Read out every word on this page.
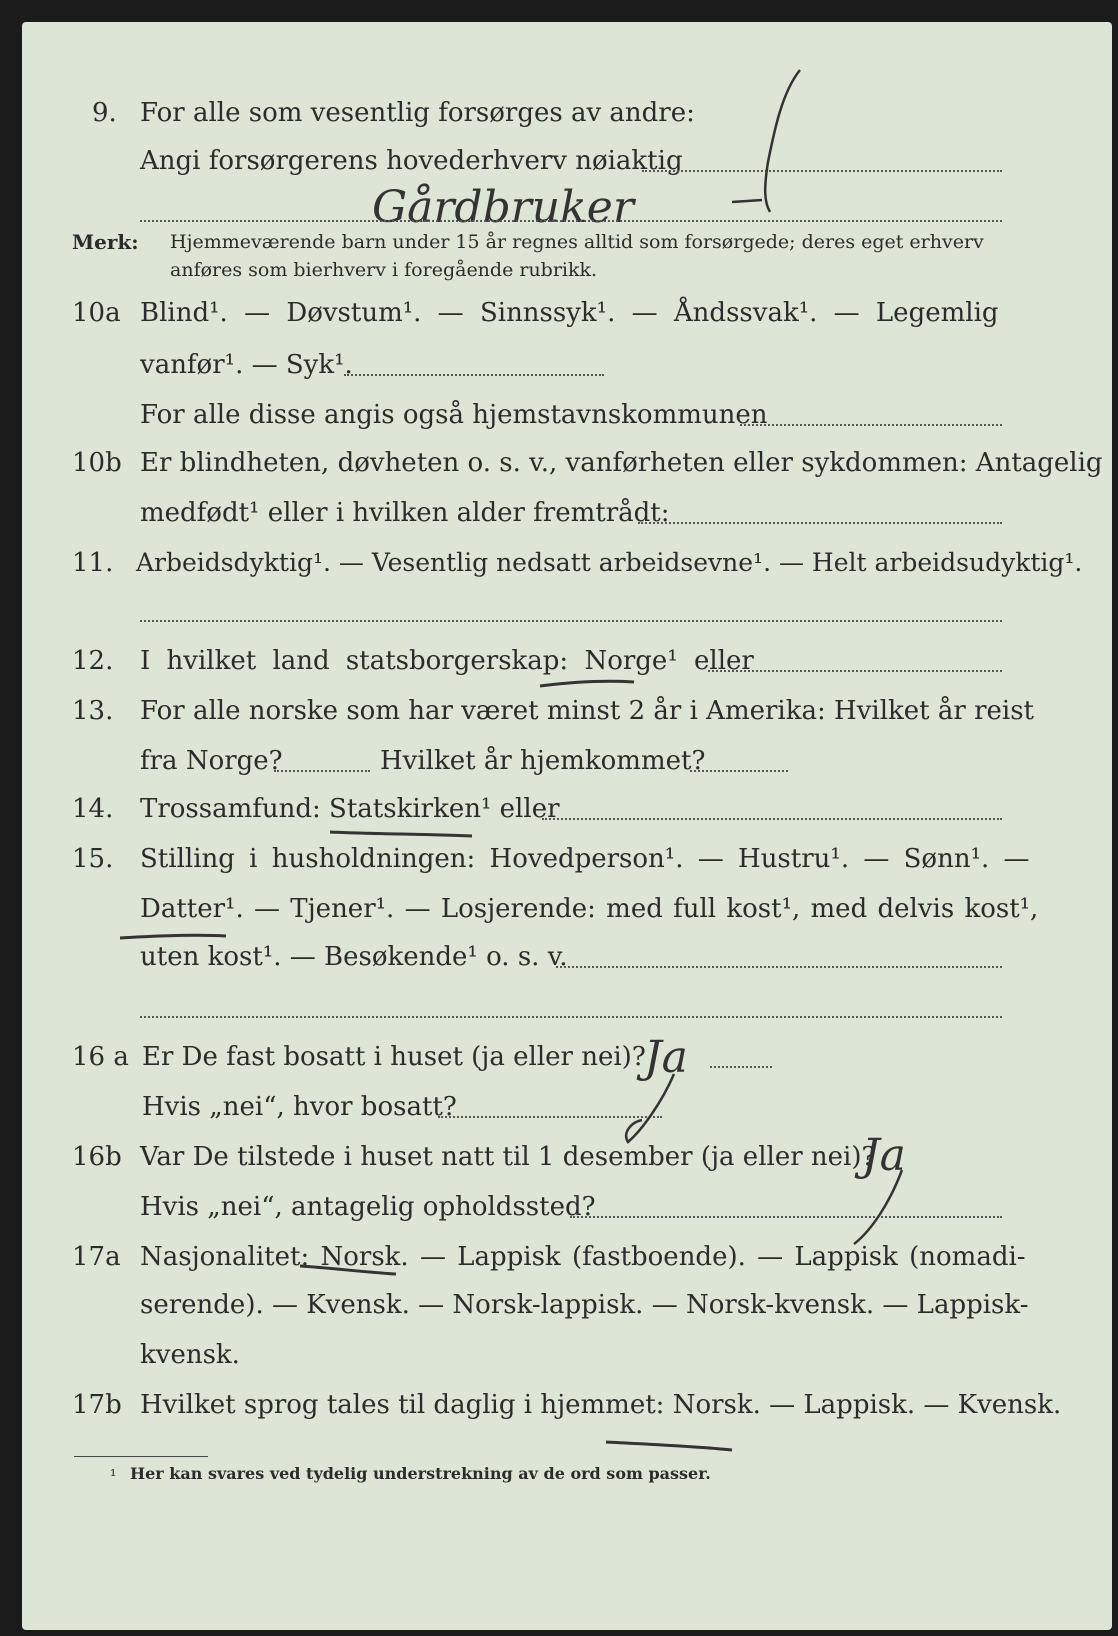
9. For alle som vesentlig forsørges av andre:
Angi forsørgerens hovederhverv nøiaktig
Gårdbruker
Merk: Hjemmeværende barn under 15 år regnes alltid som forsørgede; deres eget erhverv
anføres som bierhverv i foregående rubrikk.
10a Blind¹. — Døvstum¹. — Sinnssyk¹. — Åndssvak¹. — Legemlig
vanfør¹. — Syk¹.
For alle disse angis også hjemstavnskommunen
10b Er blindheten, døvheten o. s. v., vanførheten eller sykdommen: Antagelig
medfødt¹ eller i hvilken alder fremtrådt:
11. Arbeidsdyktig¹. — Vesentlig nedsatt arbeidsevne¹. — Helt arbeidsudyktig¹.
12. I hvilket land statsborgerskap: Norge¹ eller
13. For alle norske som har været minst 2 år i Amerika: Hvilket år reist
fra Norge?	Hvilket år hjemkommet?
14. Trossamfund: Statskirken¹ eller
15. Stilling i husholdningen: Hovedperson¹. — Hustru¹. — Sønn¹. —
Datter¹. — Tjener¹. — Losjerende: med full kost¹, med delvis kost¹,
uten kost¹. — Besøkende¹ o. s. v.
16 a Er De fast bosatt i huset (ja eller nei)?
Ja
Hvis „nei“, hvor bosatt?
16b Var De tilstede i huset natt til 1 desember (ja eller nei)?
Ja
Hvis „nei“, antagelig opholdssted?
17a Nasjonalitet: Norsk. — Lappisk (fastboende). — Lappisk (nomadi-
serende). — Kvensk. — Norsk-lappisk. — Norsk-kvensk. — Lappisk-
kvensk.
17b Hvilket sprog tales til daglig i hjemmet: Norsk. — Lappisk. — Kvensk.
¹ Her kan svares ved tydelig understrekning av de ord som passer.
